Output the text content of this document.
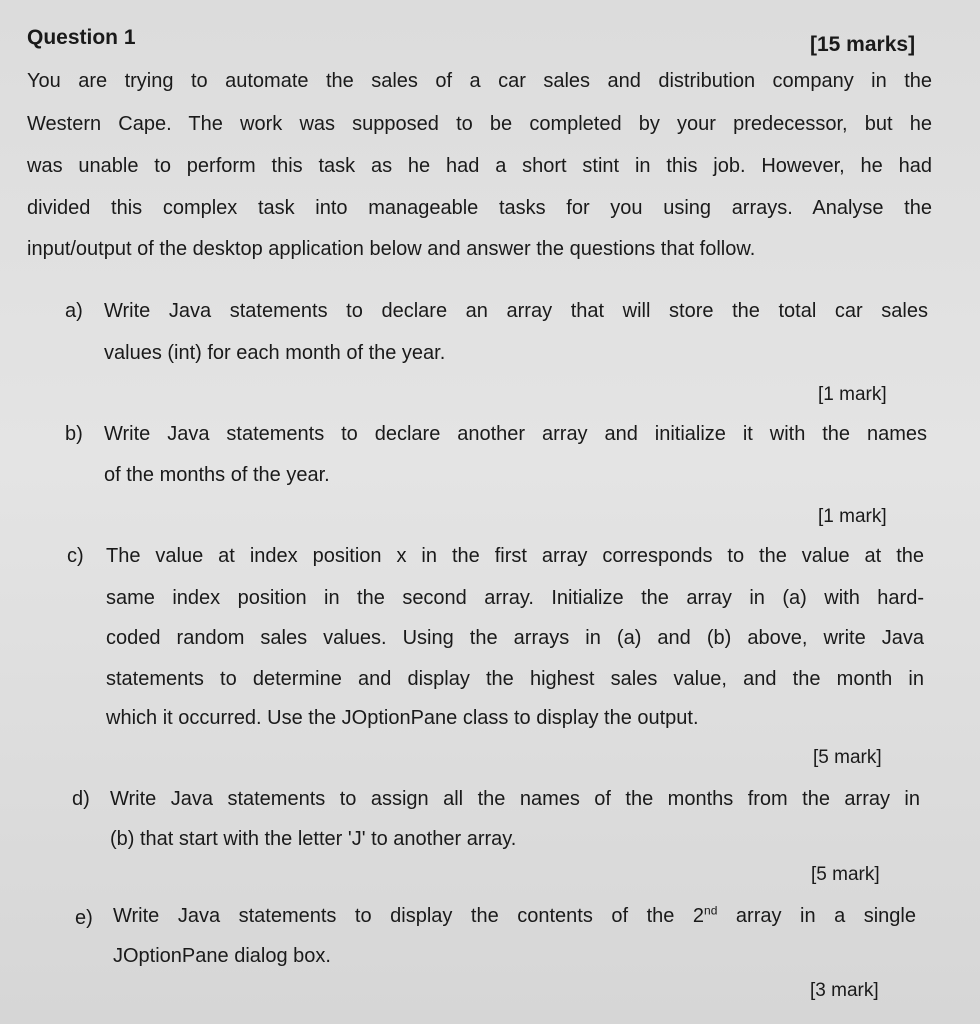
Question 1	[15 marks]
You are trying to automate the sales of a car sales and distribution company in the
Western Cape. The work was supposed to be completed by your predecessor, but he
was unable to perform this task as he had a short stint in this job. However, he had
divided this complex task into manageable tasks for you using arrays. Analyse the
input/output of the desktop application below and answer the questions that follow.
a) Write Java statements to declare an array that will store the total car sales
values (int) for each month of the year.
[1 mark]
b) Write Java statements to declare another array and initialize it with the names
of the months of the year.
[1 mark]
c) The value at index position x in the first array corresponds to the value at the
same index position in the second array. Initialize the array in (a) with hard-
coded random sales values. Using the arrays in (a) and (b) above, write Java
statements to determine and display the highest sales value, and the month in
which it occurred. Use the JOptionPane class to display the output.
[5 mark]
d) Write Java statements to assign all the names of the months from the array in
(b) that start with the letter 'J' to another array.
[5 mark]
e) Write Java statements to display the contents of the 2nd array in a single
JOptionPane dialog box.
[3 mark]
